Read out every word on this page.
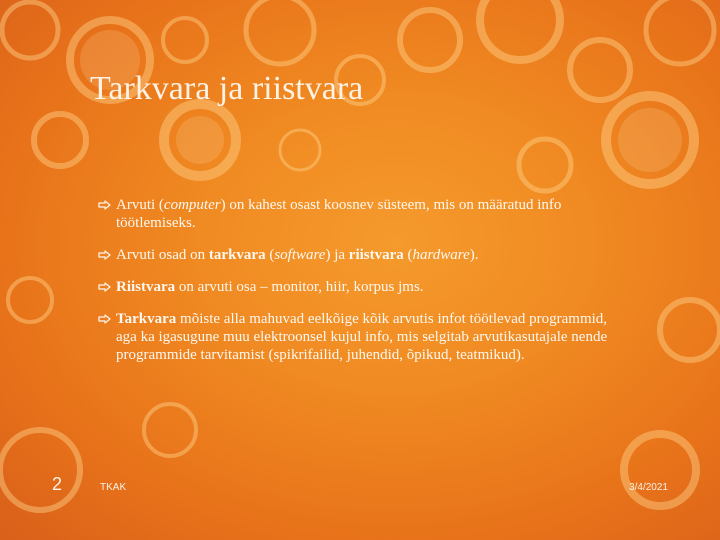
Tarkvara ja riistvara
Arvuti (computer) on kahest osast koosnev süsteem, mis on määratud info töötlemiseks.
Arvuti osad on tarkvara (software) ja riistvara (hardware).
Riistvara on arvuti osa – monitor, hiir, korpus jms.
Tarkvara mõiste alla mahuvad eelkõige kõik arvutis infot töötlevad programmid, aga ka igasugune muu elektroonsel kujul info, mis selgitab arvutikasutajale nende programmide tarvitamist (spikrifailid, juhendid, õpikud, teatmikud).
2	TKAK	3/4/2021
